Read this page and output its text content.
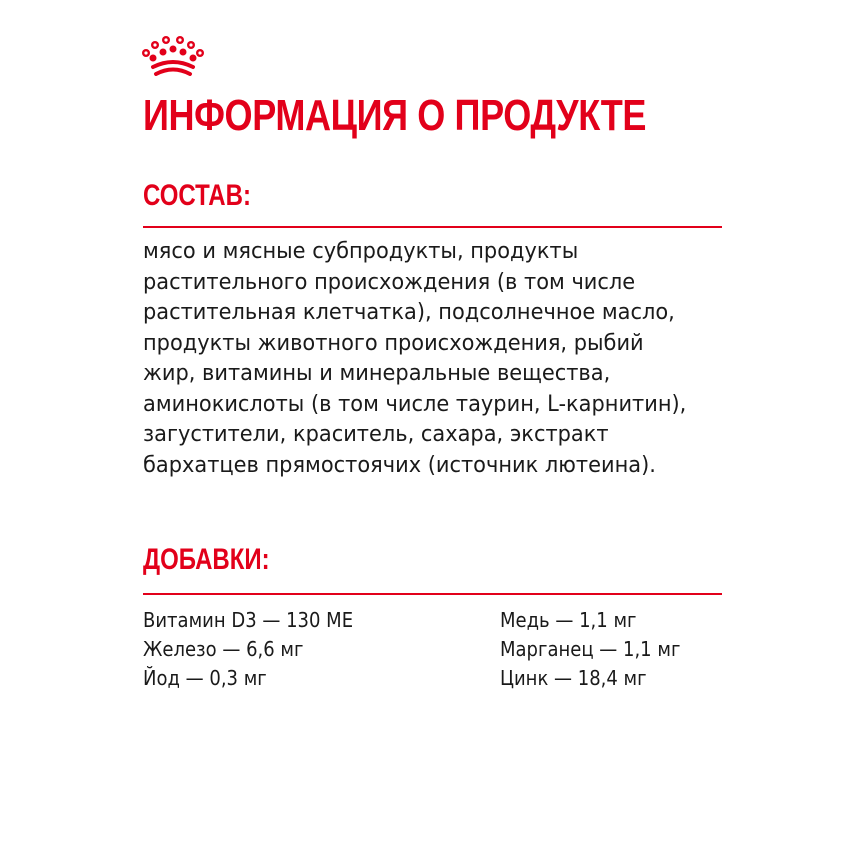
ИНФОРМАЦИЯ О ПРОДУКТЕ
СОСТАВ:

мясо и мясные субпродукты, продукты растительного происхождения (в том числе растительная клетчатка), подсолнечное масло, продукты животного происхождения, рыбий жир, витамины и минеральные вещества, аминокислоты (в том числе таурин, L-карнитин), загустители, краситель, сахара, экстракт бархатцев прямостоячих (источник лютеина).

ДОБАВКИ:
Витамин D3 — 130 МЕ
Железо — 6,6 мг
Йод — 0,3 мг
Медь — 1,1 мг
Марганец — 1,1 мг
Цинк — 18,4 мг
